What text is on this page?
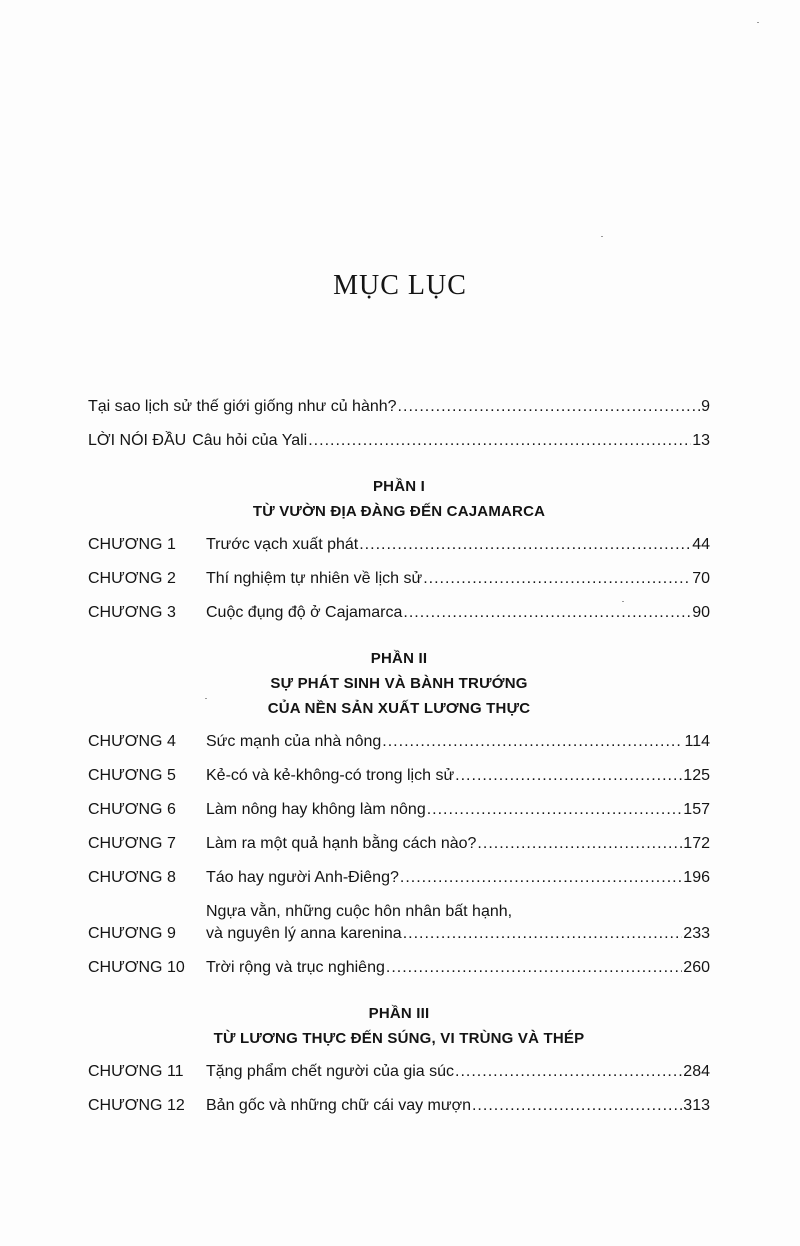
MỤC LỤC
Tại sao lịch sử thế giới giống như củ hành? .....	9
LỜI NÓI ĐẦU Câu hỏi của Yali .....	13
PHẦN I
TỪ VƯỜN ĐỊA ĐÀNG ĐẾN CAJAMARCA
CHƯƠNG 1	Trước vạch xuất phát .....	44
CHƯƠNG 2	Thí nghiệm tự nhiên về lịch sử .....	70
CHƯƠNG 3	Cuộc đụng độ ở Cajamarca .....	90
PHẦN II
SỰ PHÁT SINH VÀ BÀNH TRƯỚNG
CỦA NỀN SẢN XUẤT LƯƠNG THỰC
CHƯƠNG 4	Sức mạnh của nhà nông .....	114
CHƯƠNG 5	Kẻ-có và kẻ-không-có trong lịch sử .....	125
CHƯƠNG 6	Làm nông hay không làm nông .....	157
CHƯƠNG 7	Làm ra một quả hạnh bằng cách nào? .....	172
CHƯƠNG 8	Táo hay người Anh-Điêng? .....	196
CHƯƠNG 9
Ngựa vằn, những cuộc hôn nhân bất hạnh,
và nguyên lý anna karenina .....	233
CHƯƠNG 10	Trời rộng và trục nghiêng .....	260
PHẦN III
TỪ LƯƠNG THỰC ĐẾN SÚNG, VI TRÙNG VÀ THÉP
CHƯƠNG 11	Tặng phẩm chết người của gia súc .....	284
CHƯƠNG 12	Bản gốc và những chữ cái vay mượn .....	313
